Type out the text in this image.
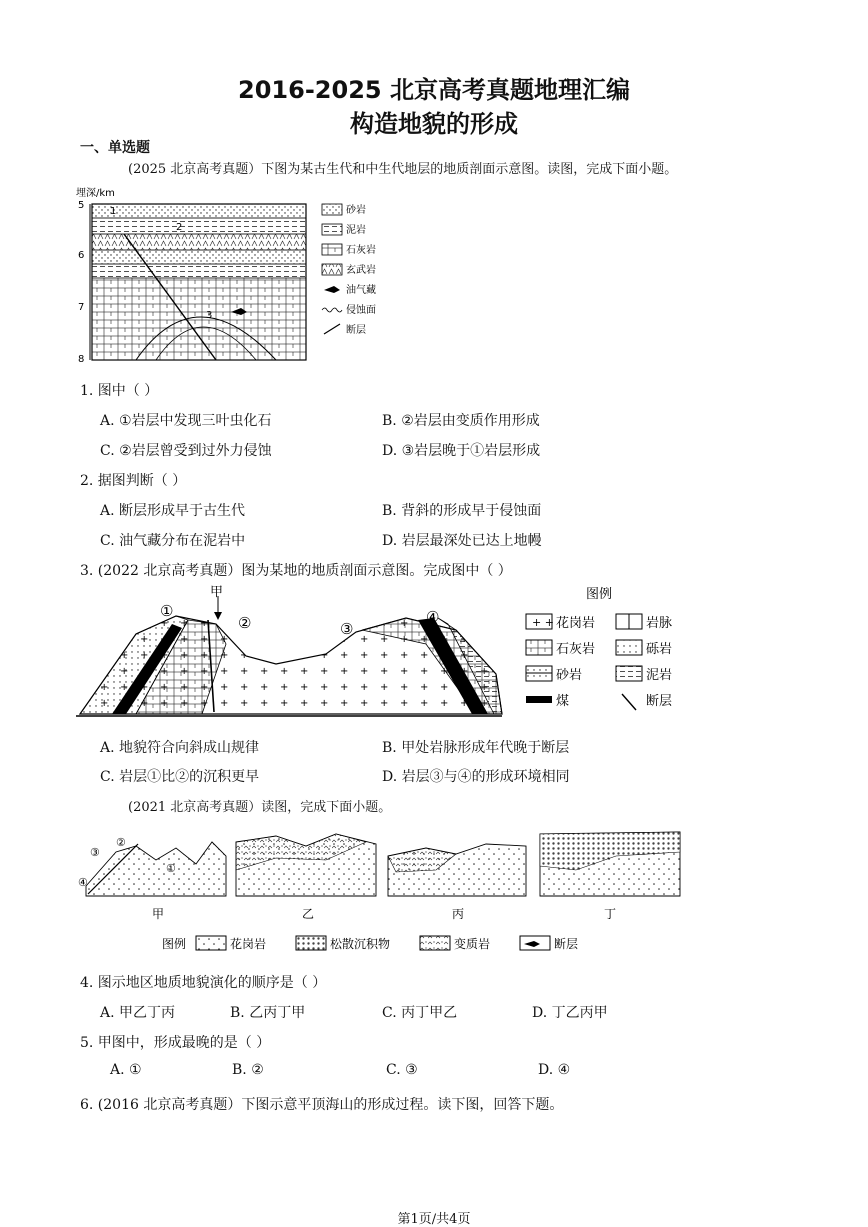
2016-2025 北京高考真题地理汇编
构造地貌的形成
一、单选题
(2025 北京高考真题）下图为某古生代和中生代地层的地质剖面示意图。读图，完成下面小题。
埋深/km
5
6
7
8
1
2
3
砂岩
泥岩
石灰岩
玄武岩
油气藏
侵蚀面
断层
1. 图中（ ）
A. ①岩层中发现三叶虫化石	B. ②岩层由变质作用形成
C. ②岩层曾受到过外力侵蚀	D. ③岩层晚于①岩层形成
2. 据图判断（ ）
A. 断层形成早于古生代	B. 背斜的形成早于侵蚀面
C. 油气藏分布在泥岩中	D. 岩层最深处已达上地幔
3. (2022 北京高考真题）图为某地的地质剖面示意图。完成图中（ ）
①
甲
②	③
④
图例
+ + 花岗岩	岩脉
石灰岩	砾岩
砂岩	泥岩
煤	断层
A. 地貌符合向斜成山规律	B. 甲处岩脉形成年代晚于断层
C. 岩层①比②的沉积更早	D. 岩层③与④的形成环境相同
(2021 北京高考真题）读图，完成下面小题。
③
②
①
④
甲	乙	丙	丁
图例	花岗岩	松散沉积物	变质岩	断层
4. 图示地区地质地貌演化的顺序是（ ）
A. 甲乙丁丙	B. 乙丙丁甲	C. 丙丁甲乙	D. 丁乙丙甲
5. 甲图中，形成最晚的是（ ）
A. ①	B. ②	C. ③	D. ④
6. (2016 北京高考真题）下图示意平顶海山的形成过程。读下图，回答下题。
第1页/共4页
